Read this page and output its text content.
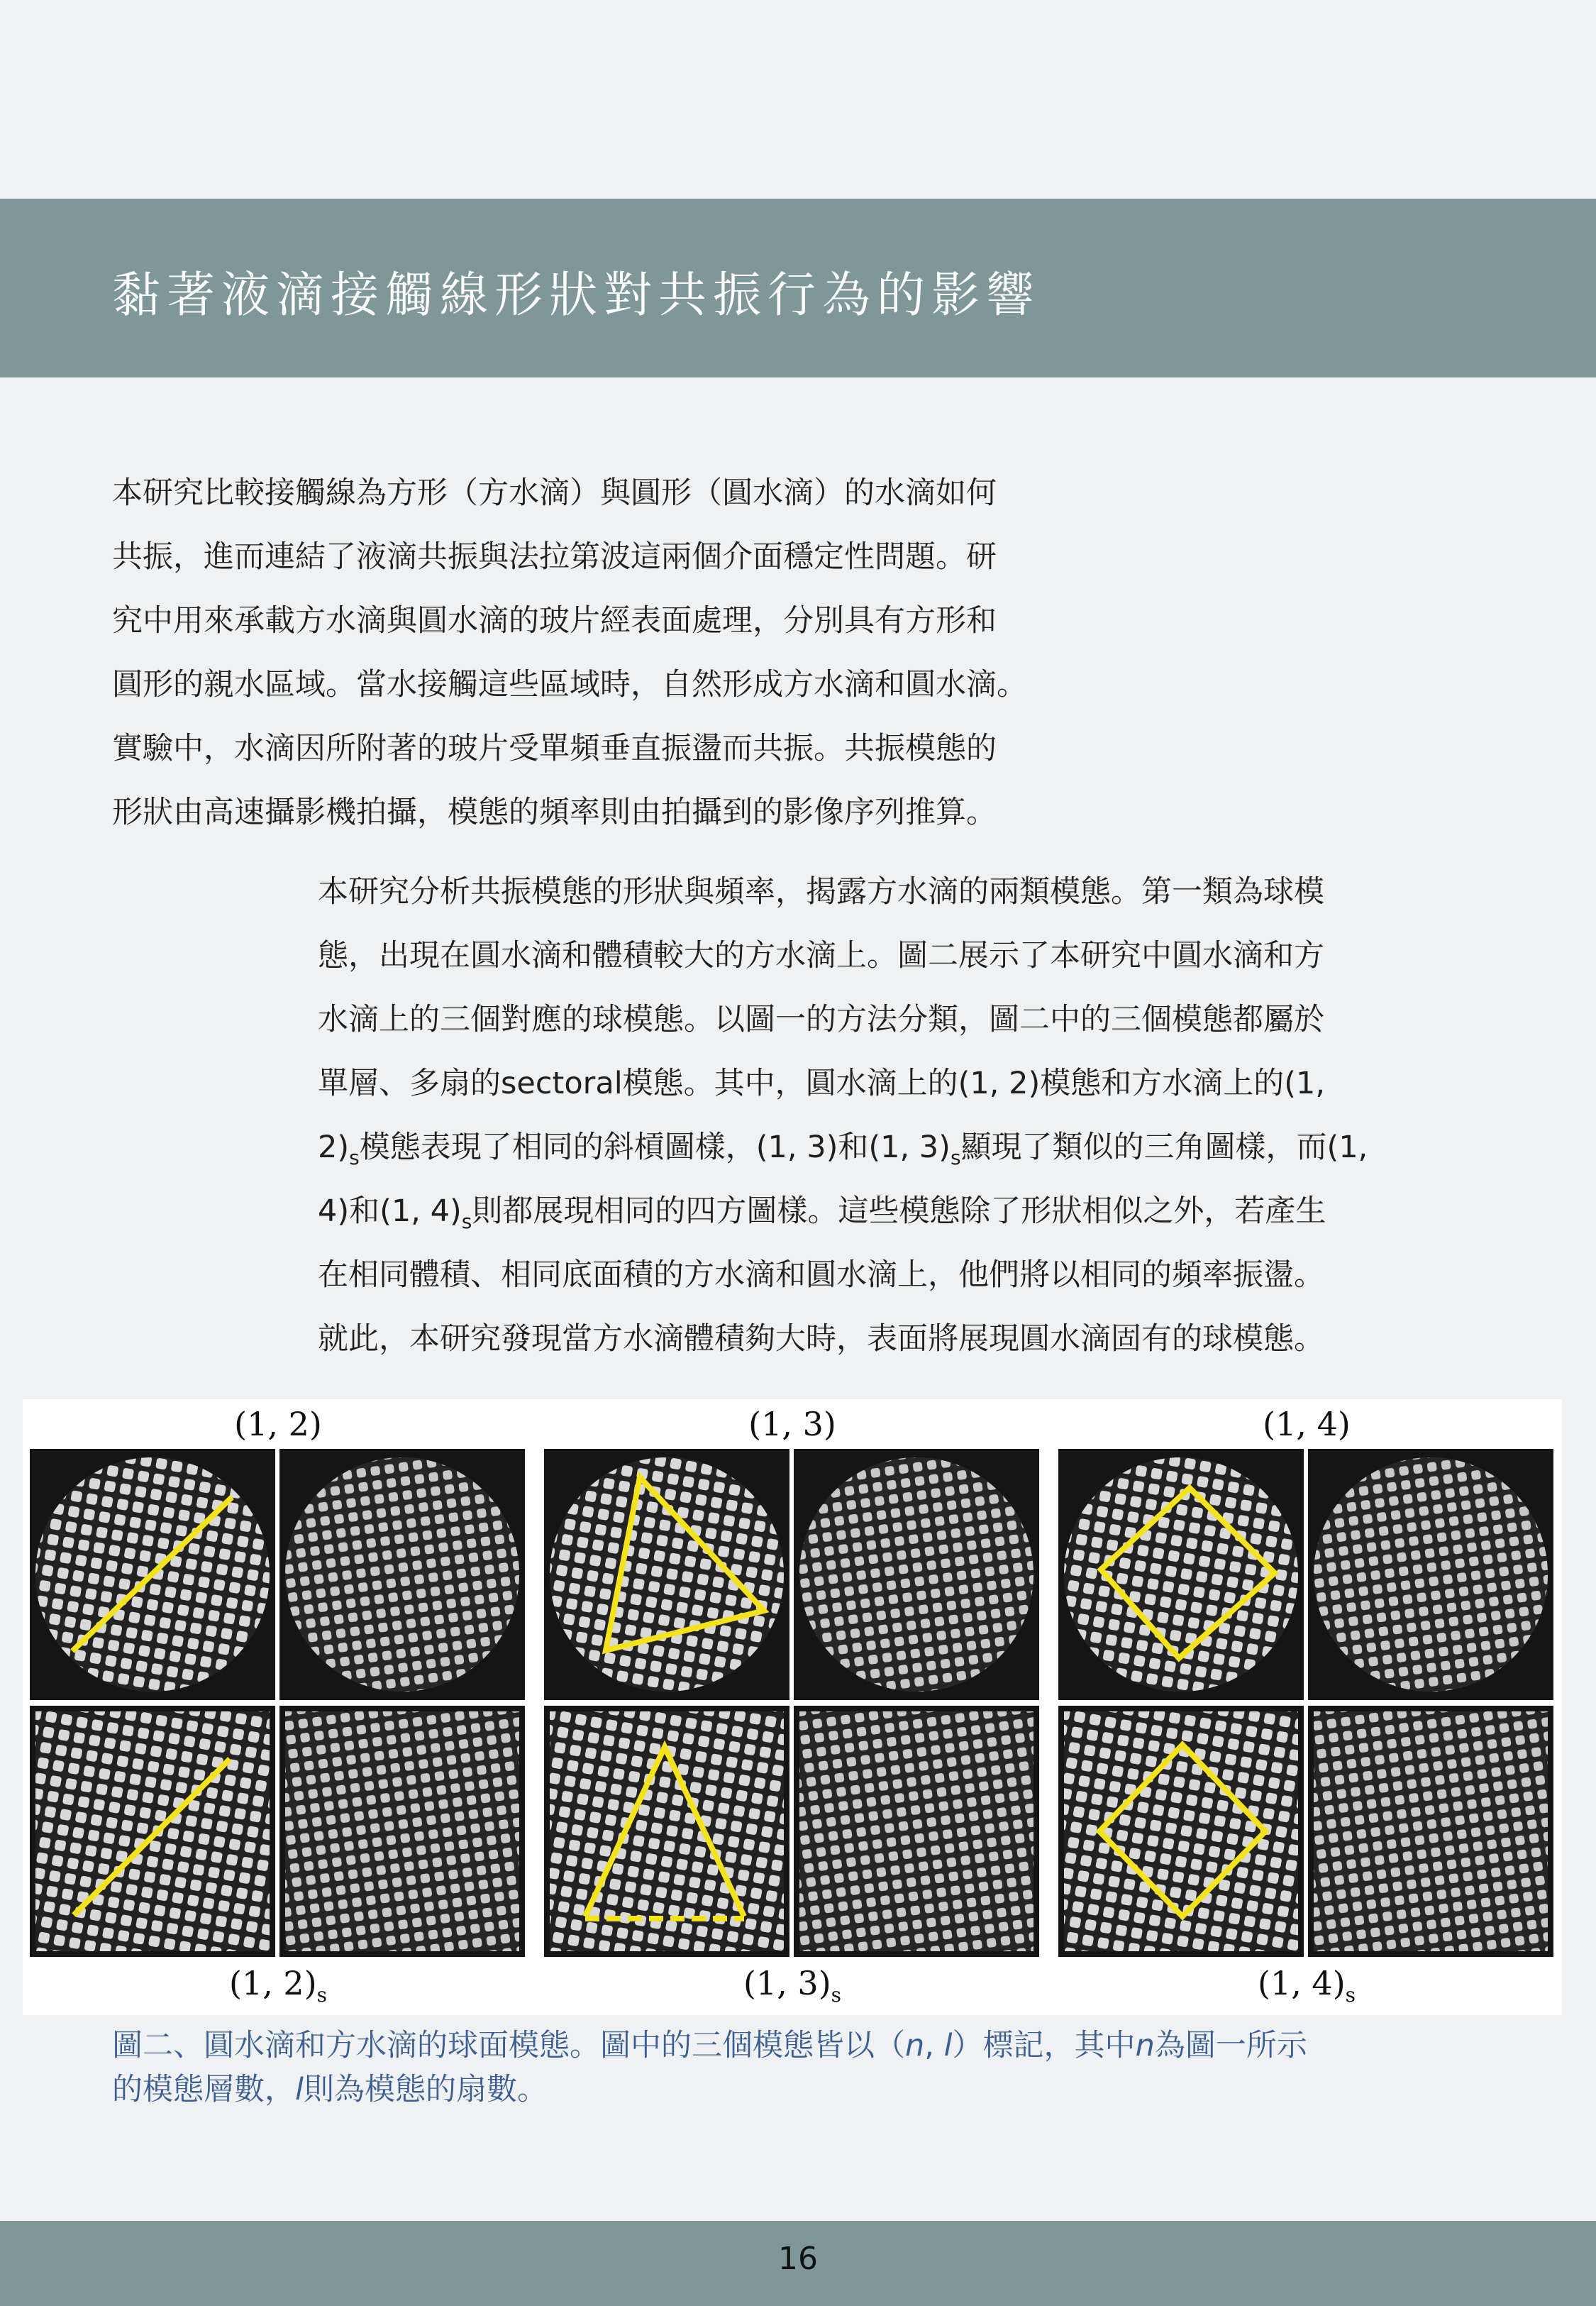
黏著液滴接觸線形狀對共振行為的影響
本研究比較接觸線為方形（方水滴）與圓形（圓水滴）的水滴如何
共振，進而連結了液滴共振與法拉第波這兩個介面穩定性問題。研
究中用來承載方水滴與圓水滴的玻片經表面處理，分別具有方形和
圓形的親水區域。當水接觸這些區域時，自然形成方水滴和圓水滴。
實驗中，水滴因所附著的玻片受單頻垂直振盪而共振。共振模態的
形狀由高速攝影機拍攝，模態的頻率則由拍攝到的影像序列推算。
本研究分析共振模態的形狀與頻率，揭露方水滴的兩類模態。第一類為球模
態，出現在圓水滴和體積較大的方水滴上。圖二展示了本研究中圓水滴和方
水滴上的三個對應的球模態。以圖一的方法分類，圖二中的三個模態都屬於
單層、多扇的sectoral模態。其中，圓水滴上的(1, 2)模態和方水滴上的(1,
$2)_s$模態表現了相同的斜槓圖樣，(1, 3)和(1, $3)_s$顯現了類似的三角圖樣，而(1,
4)和(1, $4)_s$則都展現相同的四方圖樣。這些模態除了形狀相似之外，若產生
在相同體積、相同底面積的方水滴和圓水滴上，他們將以相同的頻率振盪。
就此，本研究發現當方水滴體積夠大時，表面將展現圓水滴固有的球模態。
(1, 2)	(1, 3)	(1, 4)
(1, $2)_s$	(1, $3)_s$	(1, $4)_s$

圖二、圓水滴和方水滴的球面模態。圖中的三個模態皆以（n, l）標記，其中n為圖一所示
的模態層數，l則為模態的扇數。

16
